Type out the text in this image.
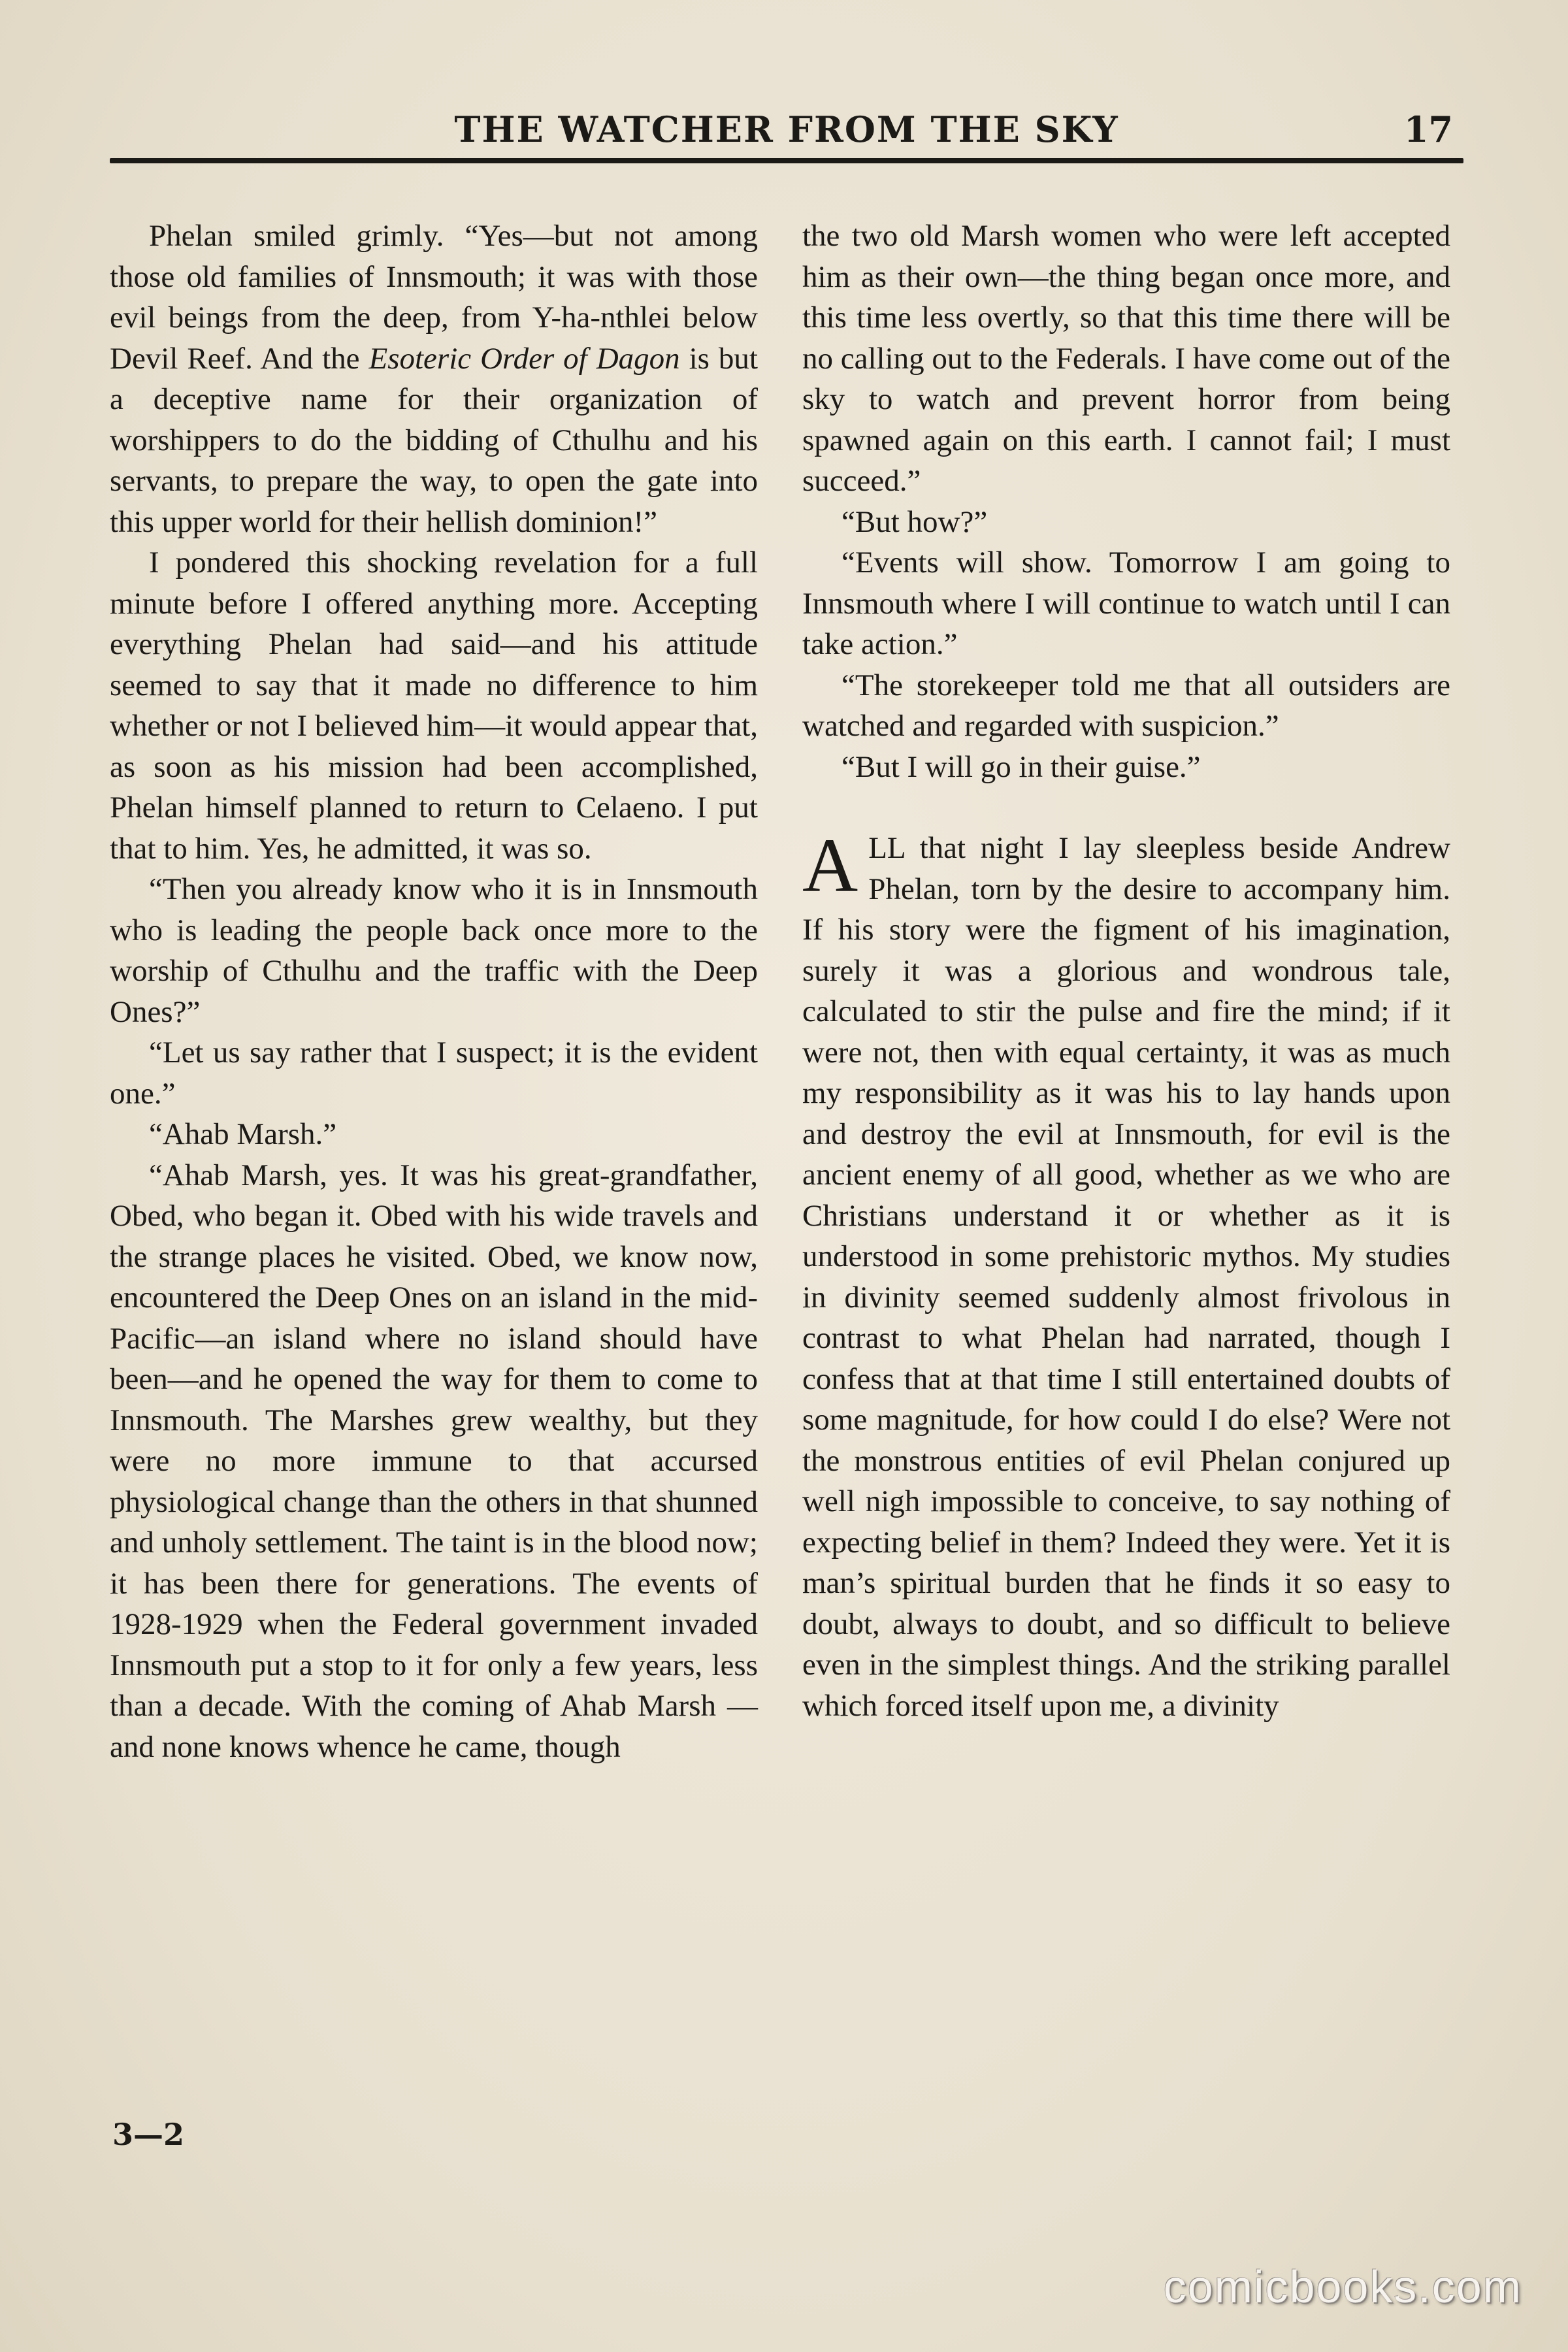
THE WATCHER FROM THE SKY	17

Phelan smiled grimly. “Yes—but not among those old families of Innsmouth; it was with those evil beings from the deep, from Y-ha-nthlei below Devil Reef. And the Esoteric Order of Dagon is but a deceptive name for their organization of worshippers to do the bidding of Cthulhu and his servants, to prepare the way, to open the gate into this upper world for their hellish dominion!”

I pondered this shocking revelation for a full minute before I offered anything more. Accepting everything Phelan had said—and his attitude seemed to say that it made no difference to him whether or not I believed him—it would appear that, as soon as his mission had been accomplished, Phelan himself planned to return to Celaeno. I put that to him. Yes, he admitted, it was so.

“Then you already know who it is in Innsmouth who is leading the people back once more to the worship of Cthulhu and the traffic with the Deep Ones?”

“Let us say rather that I suspect; it is the evident one.”

“Ahab Marsh.”

“Ahab Marsh, yes. It was his great-grandfather, Obed, who began it. Obed with his wide travels and the strange places he visited. Obed, we know now, encountered the Deep Ones on an island in the mid-Pacific—an island where no island should have been—and he opened the way for them to come to Innsmouth. The Marshes grew wealthy, but they were no more immune to that accursed physiological change than the others in that shunned and unholy settlement. The taint is in the blood now; it has been there for generations. The events of 1928-1929 when the Federal government invaded Innsmouth put a stop to it for only a few years, less than a decade. With the coming of Ahab Marsh — and none knows whence he came, though

the two old Marsh women who were left accepted him as their own—the thing began once more, and this time less overtly, so that this time there will be no calling out to the Federals. I have come out of the sky to watch and prevent horror from being spawned again on this earth. I cannot fail; I must succeed.”

“But how?”

“Events will show. Tomorrow I am going to Innsmouth where I will continue to watch until I can take action.”

“The storekeeper told me that all outsiders are watched and regarded with suspicion.”

“But I will go in their guise.”

ALL that night I lay sleepless beside Andrew Phelan, torn by the desire to accompany him. If his story were the figment of his imagination, surely it was a glorious and wondrous tale, calculated to stir the pulse and fire the mind; if it were not, then with equal certainty, it was as much my responsibility as it was his to lay hands upon and destroy the evil at Innsmouth, for evil is the ancient enemy of all good, whether as we who are Christians understand it or whether as it is understood in some prehistoric mythos. My studies in divinity seemed suddenly almost frivolous in contrast to what Phelan had narrated, though I confess that at that time I still entertained doubts of some magnitude, for how could I do else? Were not the monstrous entities of evil Phelan conjured up well nigh impossible to conceive, to say nothing of expecting belief in them? Indeed they were. Yet it is man’s spiritual burden that he finds it so easy to doubt, always to doubt, and so difficult to believe even in the simplest things. And the striking parallel which forced itself upon me, a divinity

3—2
comicbooks.com
